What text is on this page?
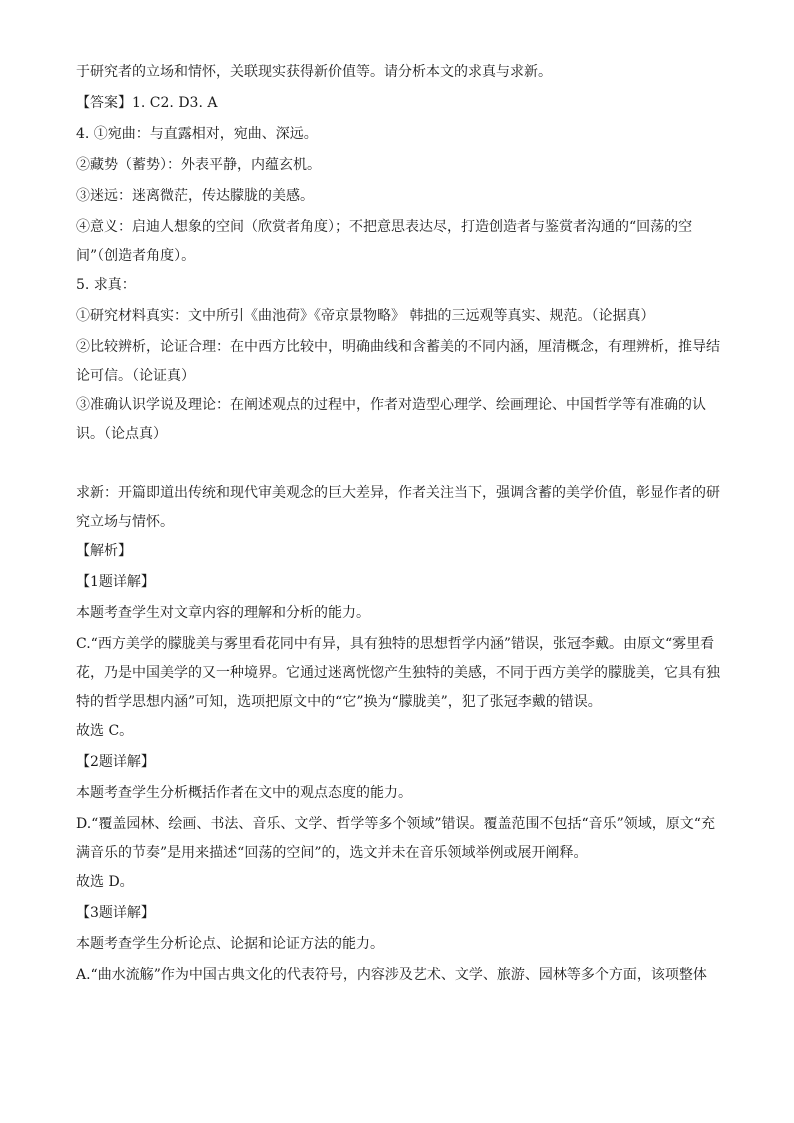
于研究者的立场和情怀，关联现实获得新价值等。请分析本文的求真与求新。

【答案】1. C2. D3. A

4. ①宛曲：与直露相对，宛曲、深远。

②藏势（蓄势）：外表平静，内蕴玄机。

③迷远：迷离微茫，传达朦胧的美感。

④意义：启迪人想象的空间（欣赏者角度）；不把意思表达尽，打造创造者与鉴赏者沟通的“回荡的空间”（创造者角度）。

5. 求真：

①研究材料真实：文中所引《曲池荷》《帝京景物略》 韩拙的三远观等真实、规范。（论据真）

②比较辨析，论证合理：在中西方比较中，明确曲线和含蓄美的不同内涵，厘清概念，有理辨析，推导结论可信。（论证真）

③准确认识学说及理论：在阐述观点的过程中，作者对造型心理学、绘画理论、中国哲学等有准确的认识。（论点真）

求新：开篇即道出传统和现代审美观念的巨大差异，作者关注当下，强调含蓄的美学价值，彰显作者的研究立场与情怀。

【解析】

【1题详解】

本题考查学生对文章内容的理解和分析的能力。

C.“西方美学的朦胧美与雾里看花同中有异，具有独特的思想哲学内涵”错误，张冠李戴。由原文“雾里看花，乃是中国美学的又一种境界。它通过迷离恍惚产生独特的美感，不同于西方美学的朦胧美，它具有独特的哲学思想内涵”可知，选项把原文中的“它”换为“朦胧美”，犯了张冠李戴的错误。

故选 C。

【2题详解】

本题考查学生分析概括作者在文中的观点态度的能力。

D.“覆盖园林、绘画、书法、音乐、文学、哲学等多个领域”错误。覆盖范围不包括“音乐”领域，原文“充满音乐的节奏”是用来描述“回荡的空间”的，选文并未在音乐领域举例或展开阐释。

故选 D。

【3题详解】

本题考查学生分析论点、论据和论证方法的能力。

A.“曲水流觞”作为中国古典文化的代表符号，内容涉及艺术、文学、旅游、园林等多个方面，该项整体
